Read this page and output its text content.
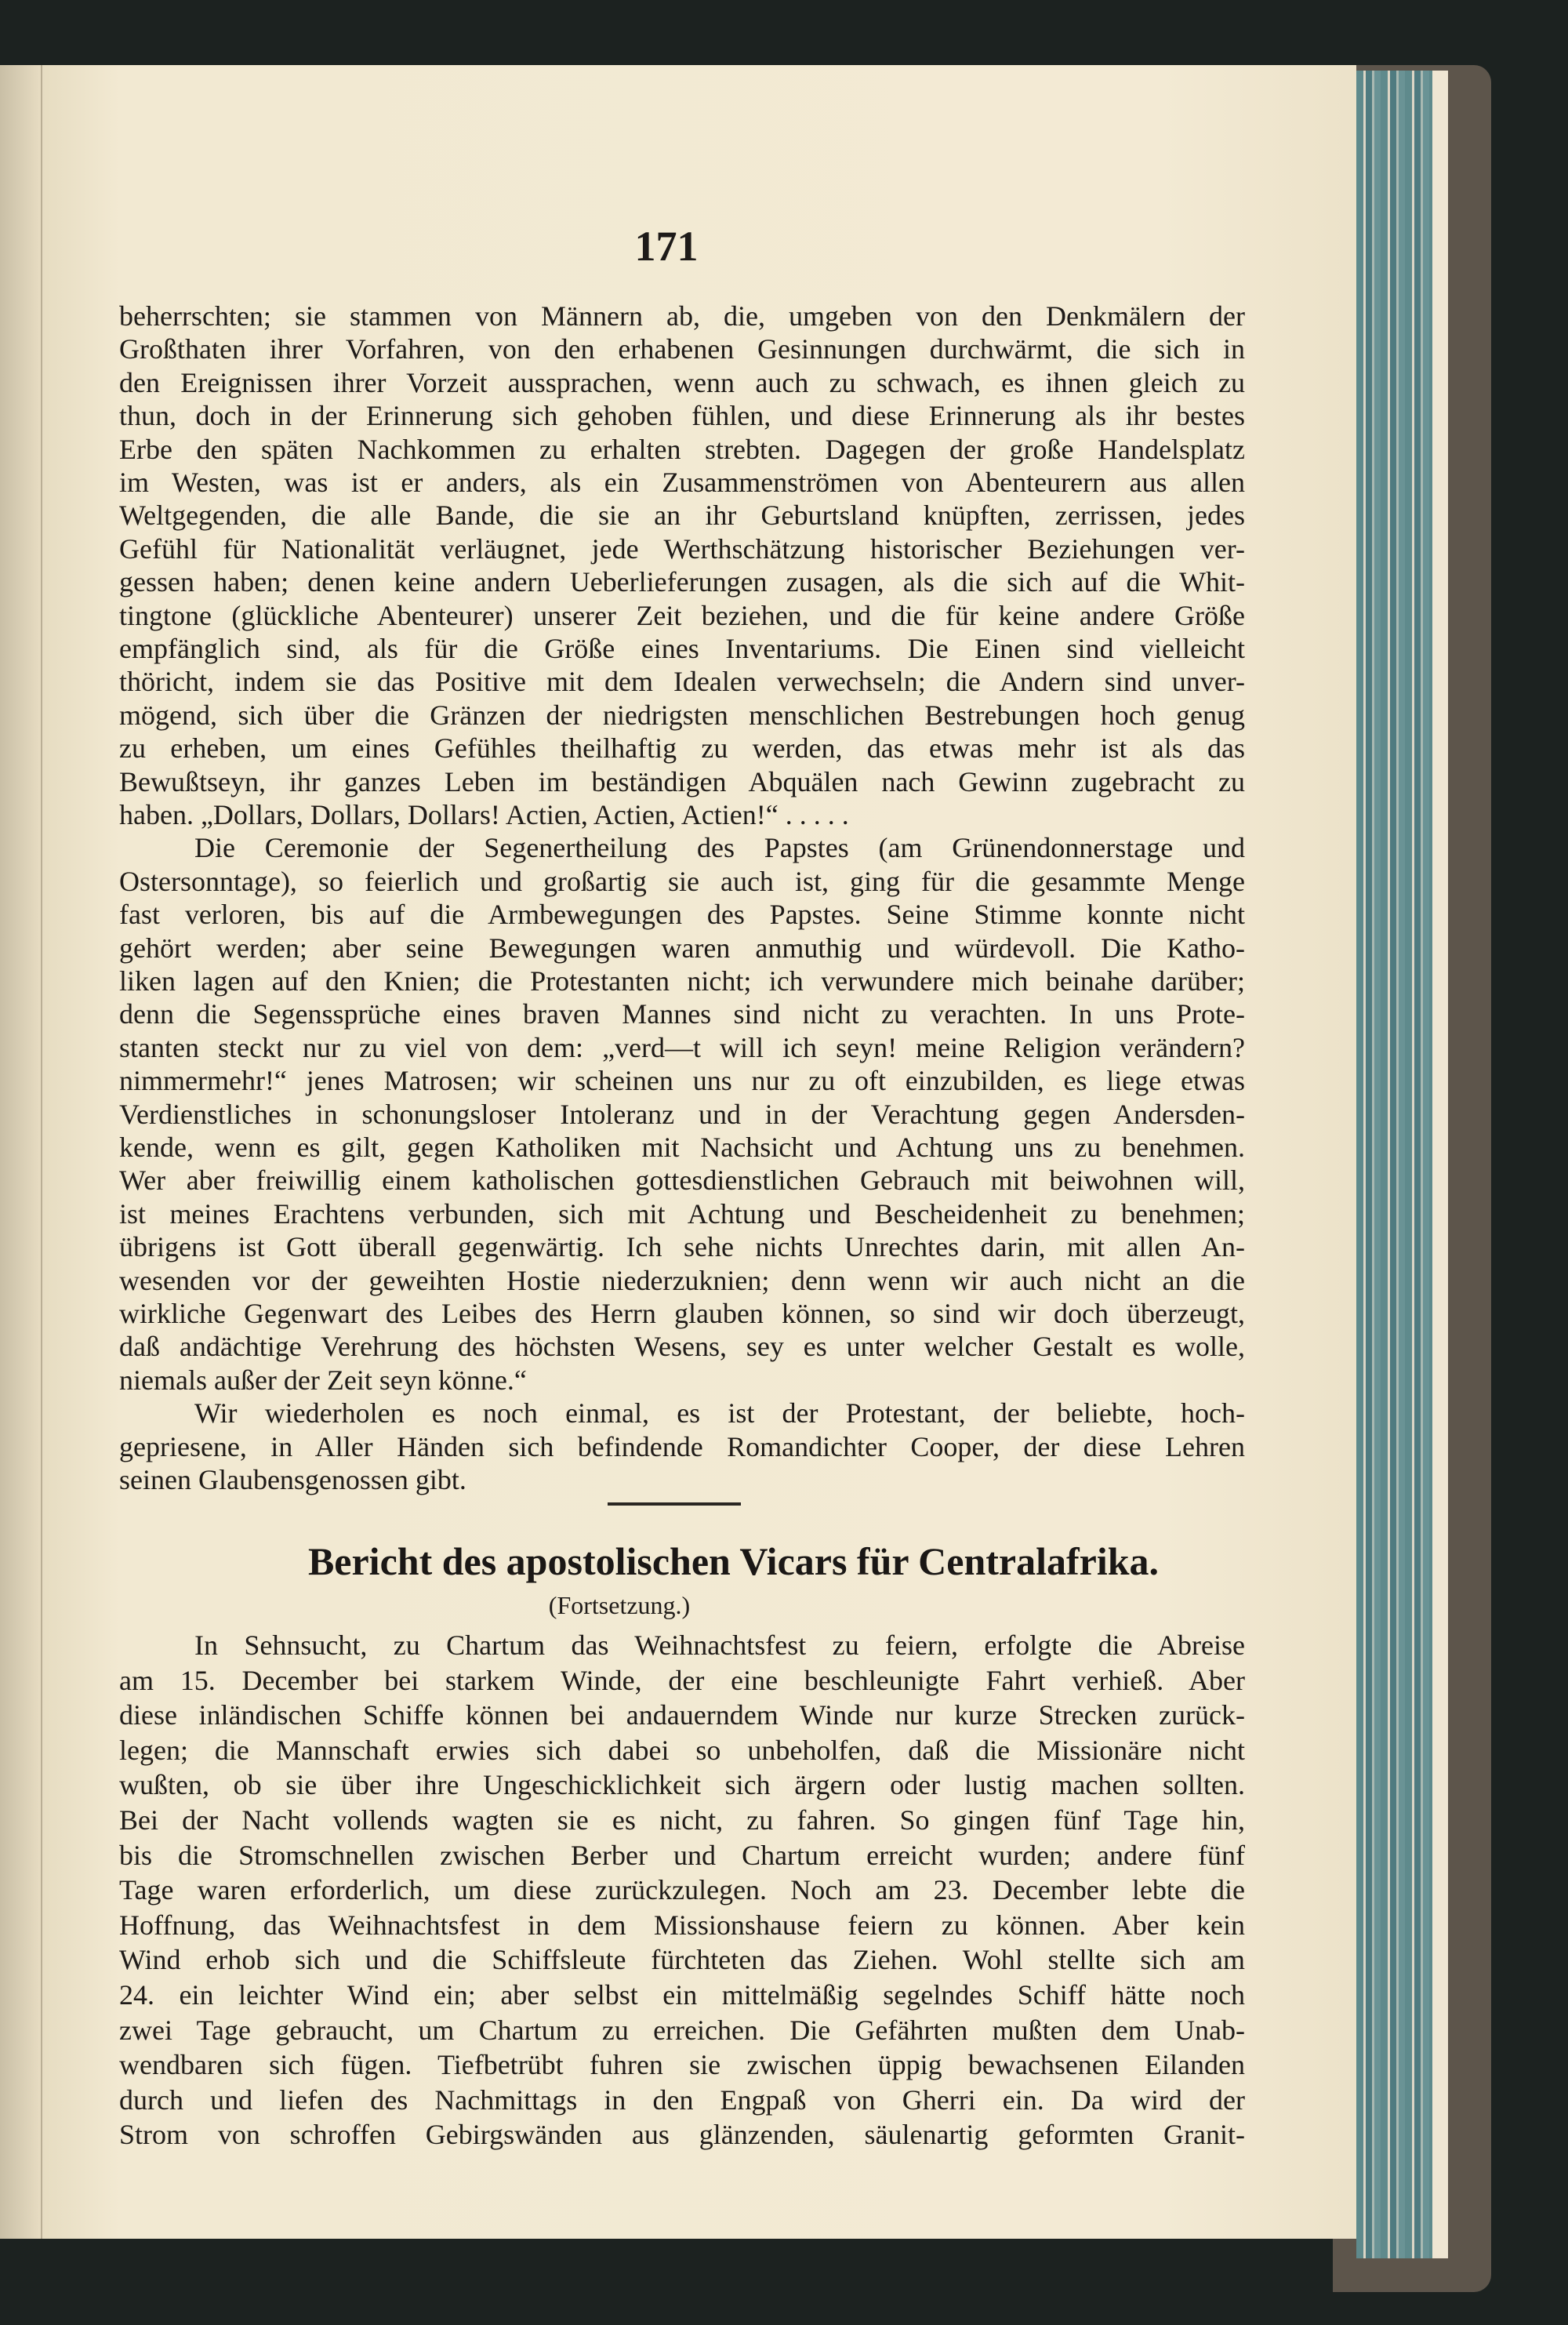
171
beherrschten; sie stammen von Männern ab, die, umgeben von den Denkmälern der
Großthaten ihrer Vorfahren, von den erhabenen Gesinnungen durchwärmt, die sich in
den Ereignissen ihrer Vorzeit aussprachen, wenn auch zu schwach, es ihnen gleich zu
thun, doch in der Erinnerung sich gehoben fühlen, und diese Erinnerung als ihr bestes
Erbe den späten Nachkommen zu erhalten strebten. Dagegen der große Handelsplatz
im Westen, was ist er anders, als ein Zusammenströmen von Abenteurern aus allen
Weltgegenden, die alle Bande, die sie an ihr Geburtsland knüpften, zerrissen, jedes
Gefühl für Nationalität verläugnet, jede Werthschätzung historischer Beziehungen ver-
gessen haben; denen keine andern Ueberlieferungen zusagen, als die sich auf die Whit-
tingtone (glückliche Abenteurer) unserer Zeit beziehen, und die für keine andere Größe
empfänglich sind, als für die Größe eines Inventariums. Die Einen sind vielleicht
thöricht, indem sie das Positive mit dem Idealen verwechseln; die Andern sind unver-
mögend, sich über die Gränzen der niedrigsten menschlichen Bestrebungen hoch genug
zu erheben, um eines Gefühles theilhaftig zu werden, das etwas mehr ist als das
Bewußtseyn, ihr ganzes Leben im beständigen Abquälen nach Gewinn zugebracht zu
haben. „Dollars, Dollars, Dollars! Actien, Actien, Actien!“ . . . . .
Die Ceremonie der Segenertheilung des Papstes (am Grünendonnerstage und
Ostersonntage), so feierlich und großartig sie auch ist, ging für die gesammte Menge
fast verloren, bis auf die Armbewegungen des Papstes. Seine Stimme konnte nicht
gehört werden; aber seine Bewegungen waren anmuthig und würdevoll. Die Katho-
liken lagen auf den Knien; die Protestanten nicht; ich verwundere mich beinahe darüber;
denn die Segenssprüche eines braven Mannes sind nicht zu verachten. In uns Prote-
stanten steckt nur zu viel von dem: „verd—t will ich seyn! meine Religion verändern?
nimmermehr!“ jenes Matrosen; wir scheinen uns nur zu oft einzubilden, es liege etwas
Verdienstliches in schonungsloser Intoleranz und in der Verachtung gegen Andersden-
kende, wenn es gilt, gegen Katholiken mit Nachsicht und Achtung uns zu benehmen.
Wer aber freiwillig einem katholischen gottesdienstlichen Gebrauch mit beiwohnen will,
ist meines Erachtens verbunden, sich mit Achtung und Bescheidenheit zu benehmen;
übrigens ist Gott überall gegenwärtig. Ich sehe nichts Unrechtes darin, mit allen An-
wesenden vor der geweihten Hostie niederzuknien; denn wenn wir auch nicht an die
wirkliche Gegenwart des Leibes des Herrn glauben können, so sind wir doch überzeugt,
daß andächtige Verehrung des höchsten Wesens, sey es unter welcher Gestalt es wolle,
niemals außer der Zeit seyn könne.“
Wir wiederholen es noch einmal, es ist der Protestant, der beliebte, hoch-
gepriesene, in Aller Händen sich befindende Romandichter Cooper, der diese Lehren
seinen Glaubensgenossen gibt.
Bericht des apostolischen Vicars für Centralafrika.
(Fortsetzung.)
In Sehnsucht, zu Chartum das Weihnachtsfest zu feiern, erfolgte die Abreise
am 15. December bei starkem Winde, der eine beschleunigte Fahrt verhieß. Aber
diese inländischen Schiffe können bei andauerndem Winde nur kurze Strecken zurück-
legen; die Mannschaft erwies sich dabei so unbeholfen, daß die Missionäre nicht
wußten, ob sie über ihre Ungeschicklichkeit sich ärgern oder lustig machen sollten.
Bei der Nacht vollends wagten sie es nicht, zu fahren. So gingen fünf Tage hin,
bis die Stromschnellen zwischen Berber und Chartum erreicht wurden; andere fünf
Tage waren erforderlich, um diese zurückzulegen. Noch am 23. December lebte die
Hoffnung, das Weihnachtsfest in dem Missionshause feiern zu können. Aber kein
Wind erhob sich und die Schiffsleute fürchteten das Ziehen. Wohl stellte sich am
24. ein leichter Wind ein; aber selbst ein mittelmäßig segelndes Schiff hätte noch
zwei Tage gebraucht, um Chartum zu erreichen. Die Gefährten mußten dem Unab-
wendbaren sich fügen. Tiefbetrübt fuhren sie zwischen üppig bewachsenen Eilanden
durch und liefen des Nachmittags in den Engpaß von Gherri ein. Da wird der
Strom von schroffen Gebirgswänden aus glänzenden, säulenartig geformten Granit-
